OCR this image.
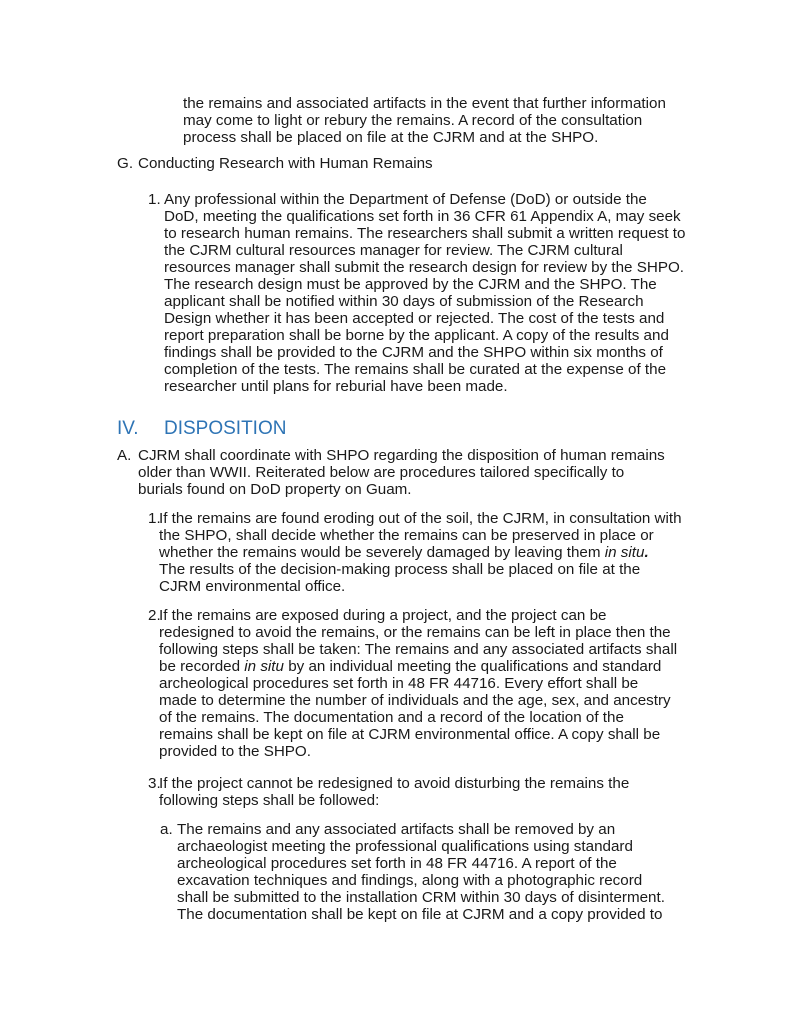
the remains and associated artifacts in the event that further information
may come to light or rebury the remains. A record of the consultation
process shall be placed on file at the CJRM and at the SHPO.
G. Conducting Research with Human Remains
1. Any professional within the Department of Defense (DoD) or outside the
DoD, meeting the qualifications set forth in 36 CFR 61 Appendix A, may seek
to research human remains. The researchers shall submit a written request to
the CJRM cultural resources manager for review. The CJRM cultural
resources manager shall submit the research design for review by the SHPO.
The research design must be approved by the CJRM and the SHPO. The
applicant shall be notified within 30 days of submission of the Research
Design whether it has been accepted or rejected. The cost of the tests and
report preparation shall be borne by the applicant. A copy of the results and
findings shall be provided to the CJRM and the SHPO within six months of
completion of the tests. The remains shall be curated at the expense of the
researcher until plans for reburial have been made.
IV. DISPOSITION
A. CJRM shall coordinate with SHPO regarding the disposition of human remains
older than WWII. Reiterated below are procedures tailored specifically to
burials found on DoD property on Guam.
1.
If the remains are found eroding out of the soil, the CJRM, in consultation with
the SHPO, shall decide whether the remains can be preserved in place or
whether the remains would be severely damaged by leaving them in situ.
The results of the decision-making process shall be placed on file at the
CJRM environmental office.
2.
If the remains are exposed during a project, and the project can be
redesigned to avoid the remains, or the remains can be left in place then the
following steps shall be taken: The remains and any associated artifacts shall
be recorded in situ by an individual meeting the qualifications and standard
archeological procedures set forth in 48 FR 44716. Every effort shall be
made to determine the number of individuals and the age, sex, and ancestry
of the remains. The documentation and a record of the location of the
remains shall be kept on file at CJRM environmental office. A copy shall be
provided to the SHPO.
3.
If the project cannot be redesigned to avoid disturbing the remains the
following steps shall be followed:
a. The remains and any associated artifacts shall be removed by an
archaeologist meeting the professional qualifications using standard
archeological procedures set forth in 48 FR 44716. A report of the
excavation techniques and findings, along with a photographic record
shall be submitted to the installation CRM within 30 days of disinterment.
The documentation shall be kept on file at CJRM and a copy provided to
